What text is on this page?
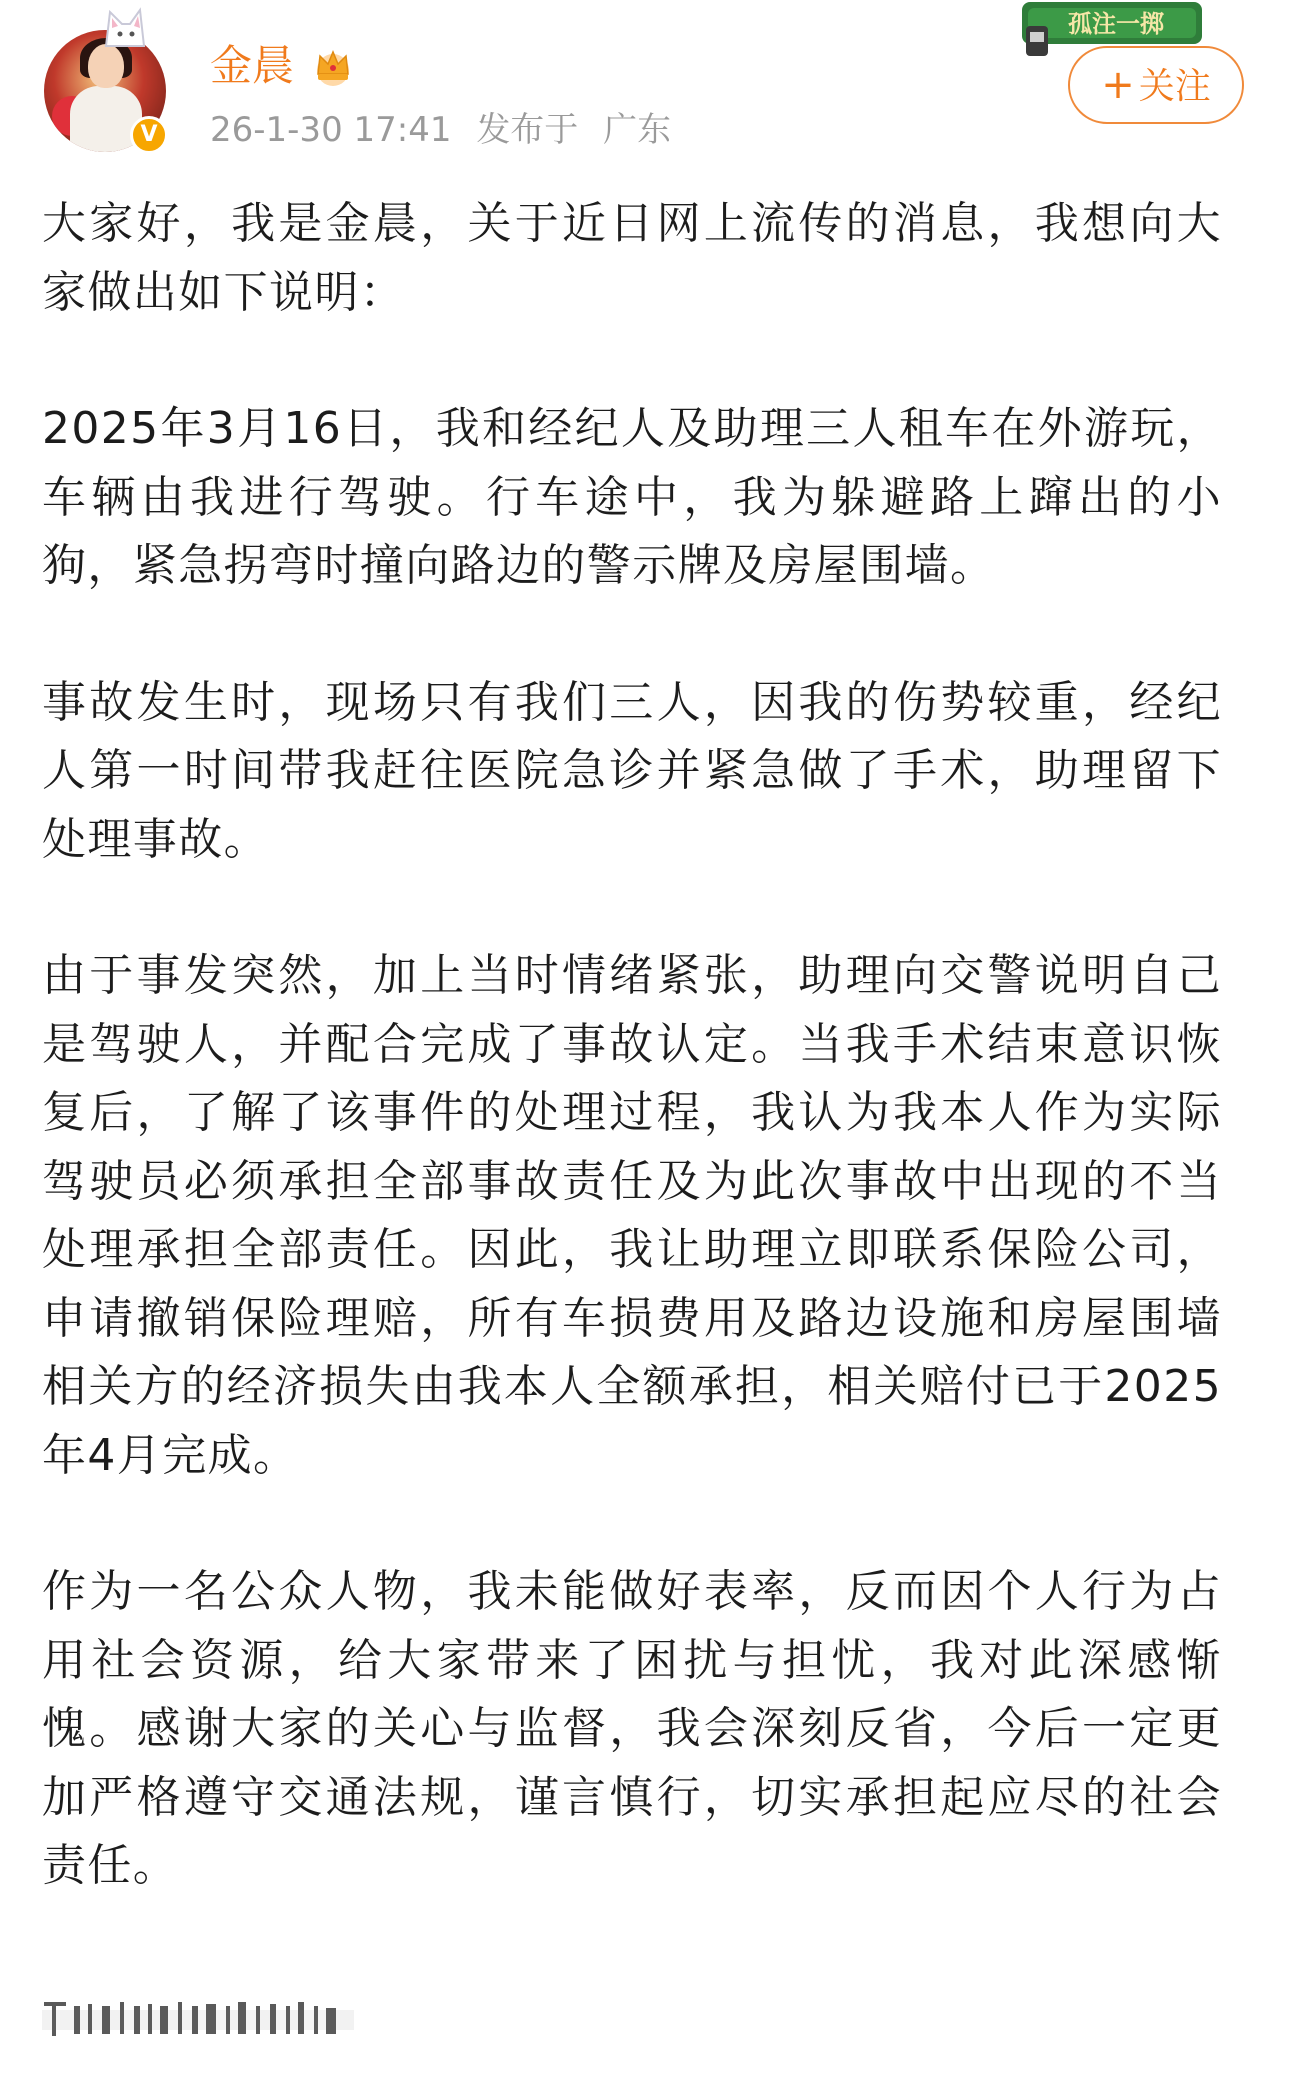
V
金晨
26-1-30 17:41 发布于 广东
孤注一掷
+ 关注

大家好，我是金晨，关于近日网上流传的消息，我想向大家做出如下说明：

2025年3月16日，我和经纪人及助理三人租车在外游玩，车辆由我进行驾驶。行车途中，我为躲避路上蹿出的小狗，紧急拐弯时撞向路边的警示牌及房屋围墙。

事故发生时，现场只有我们三人，因我的伤势较重，经纪人第一时间带我赶往医院急诊并紧急做了手术，助理留下处理事故。

由于事发突然，加上当时情绪紧张，助理向交警说明自己是驾驶人，并配合完成了事故认定。当我手术结束意识恢复后，了解了该事件的处理过程，我认为我本人作为实际驾驶员必须承担全部事故责任及为此次事故中出现的不当处理承担全部责任。因此，我让助理立即联系保险公司，申请撤销保险理赔，所有车损费用及路边设施和房屋围墙相关方的经济损失由我本人全额承担，相关赔付已于2025年4月完成。

作为一名公众人物，我未能做好表率，反而因个人行为占用社会资源，给大家带来了困扰与担忧，我对此深感惭愧。感谢大家的关心与监督，我会深刻反省，今后一定更加严格遵守交通法规，谨言慎行，切实承担起应尽的社会责任。
